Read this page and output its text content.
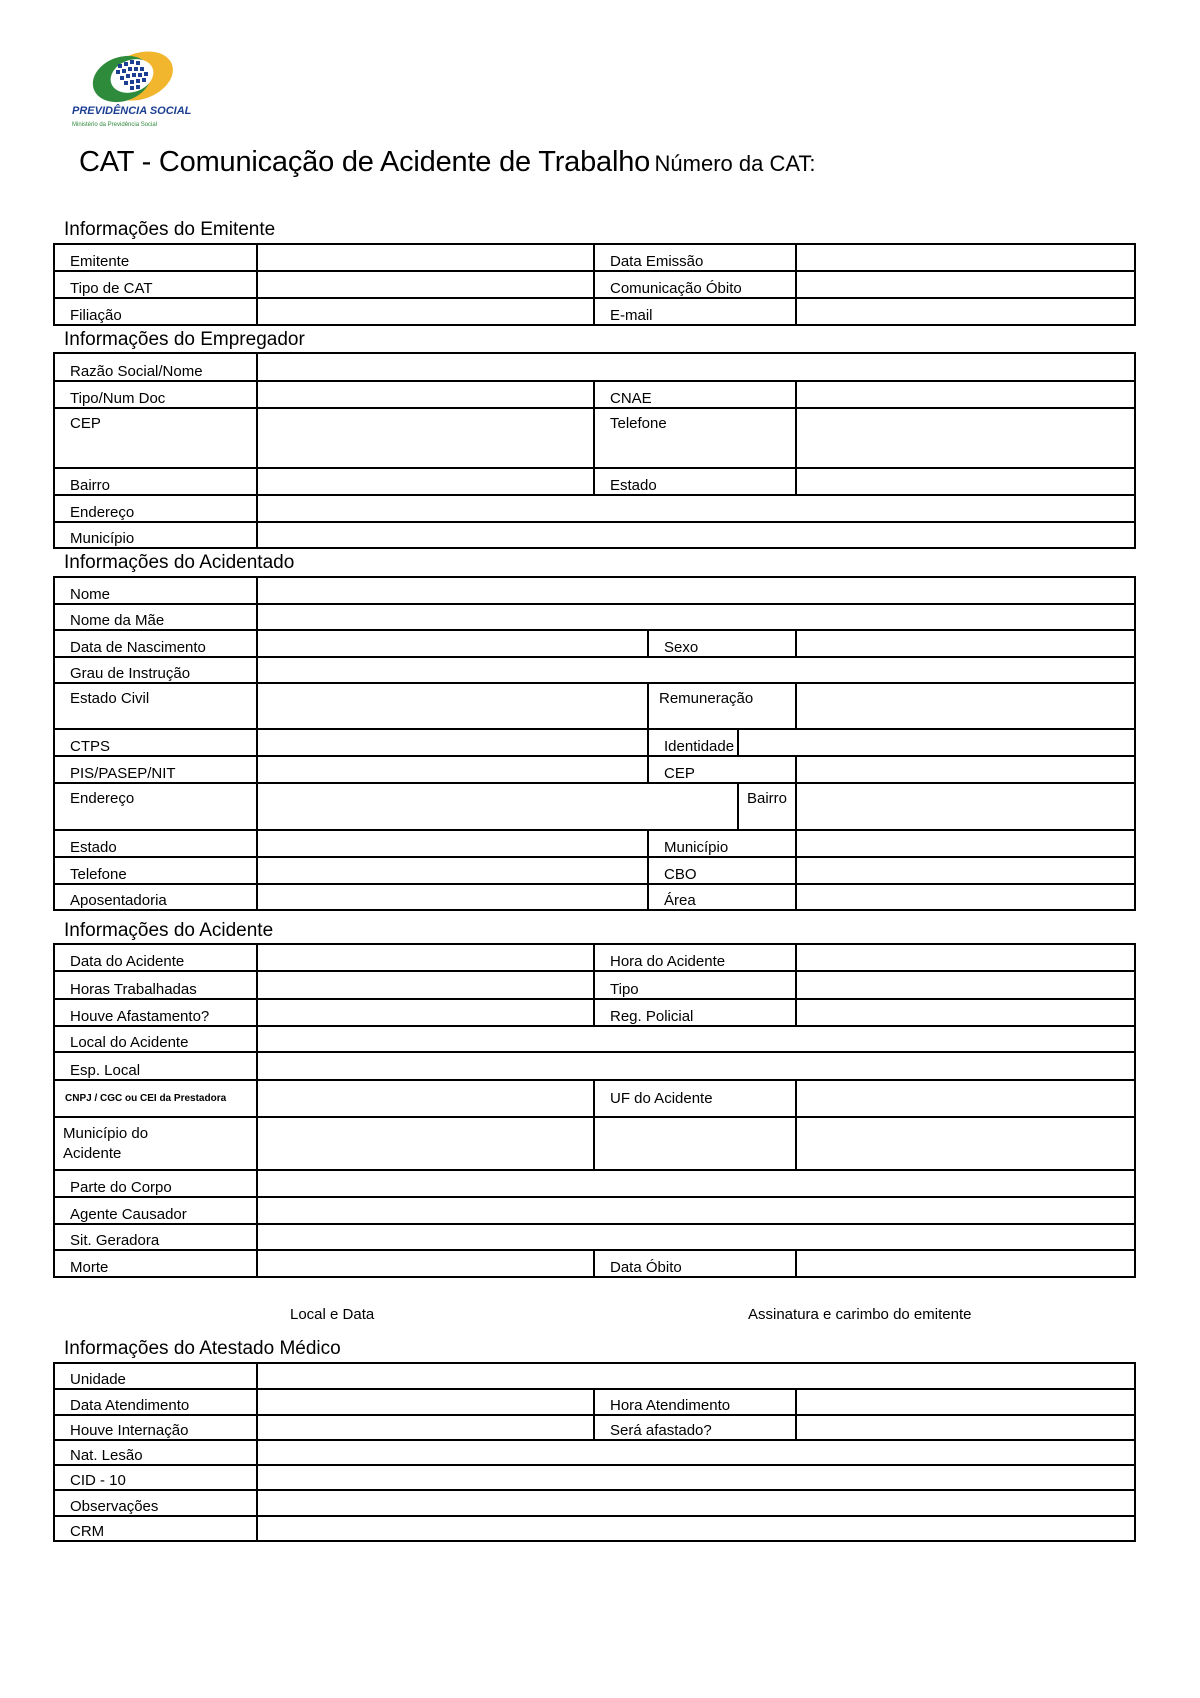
PREVIDÊNCIA SOCIAL
Ministério da Previdência Social
CAT - Comunicação de Acidente de Trabalho Número da CAT:
Informações do Emitente
Emitente		Data Emissão	
Tipo de CAT		Comunicação Óbito	
Filiação		E-mail	
Informações do Empregador
Razão Social/Nome			
Tipo/Num Doc		CNAE	
CEP		Telefone	
Bairro		Estado	
Endereço			
Município			
Informações do Acidentado
Nome				
Nome da Mãe				
Data de Nascimento		Sexo		
Grau de Instrução				
Estado Civil		Remuneração		
CTPS		Identidade		
PIS/PASEP/NIT		CEP		
Endereço			Bairro	
Estado		Município		
Telefone		CBO		
Aposentadoria		Área		
Informações do Acidente
Data do Acidente		Hora do Acidente	
Horas Trabalhadas		Tipo	
Houve Afastamento?		Reg. Policial	
Local do Acidente			
Esp. Local			
CNPJ / CGC ou CEI da Prestadora		UF do Acidente	
Município do Acidente			
Parte do Corpo			
Agente Causador			
Sit. Geradora			
Morte		Data Óbito	
Local e Data	Assinatura e carimbo do emitente
Informações do Atestado Médico
Unidade			
Data Atendimento		Hora Atendimento	
Houve Internação		Será afastado?	
Nat. Lesão			
CID - 10			
Observações			
CRM			
